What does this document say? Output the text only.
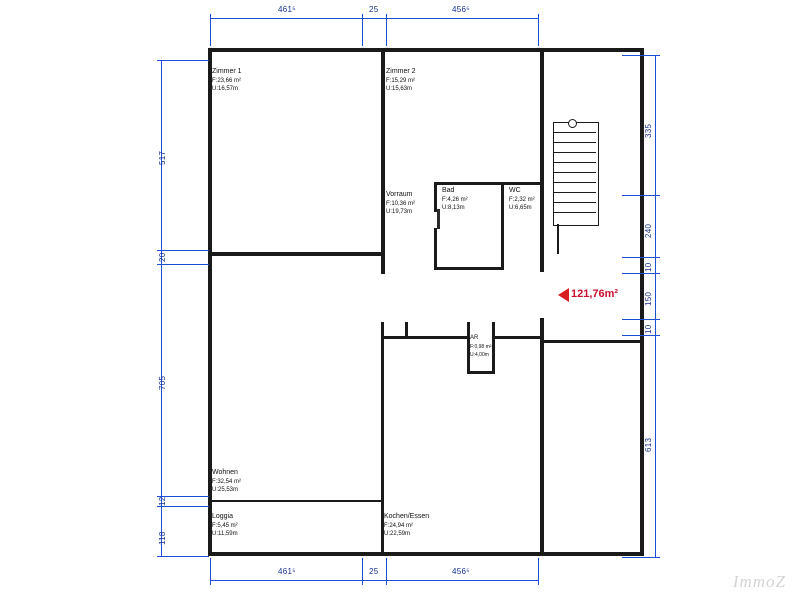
Zimmer 1
F:23,66 m²
U:16,57m
Zimmer 2
F:15,29 m²
U:15,63m
Vorraum
F:10,36 m²
U:19,73m
Bad
F:4,26 m²
U:8,13m
WC
F:2,32 m²
U:6,65m
AR
F:0,98 m²
U:4,00m
Wohnen
F:32,54 m²
U:25,53m
Loggia
F:5,45 m²
U:11,59m
Kochen/Essen
F:24,94 m²
U:22,59m
121,76m²
461⁵	25	456⁵
461⁵	25	456⁵
517
20
705
12
118
335
240
10
150
10
613
ImmoZ
